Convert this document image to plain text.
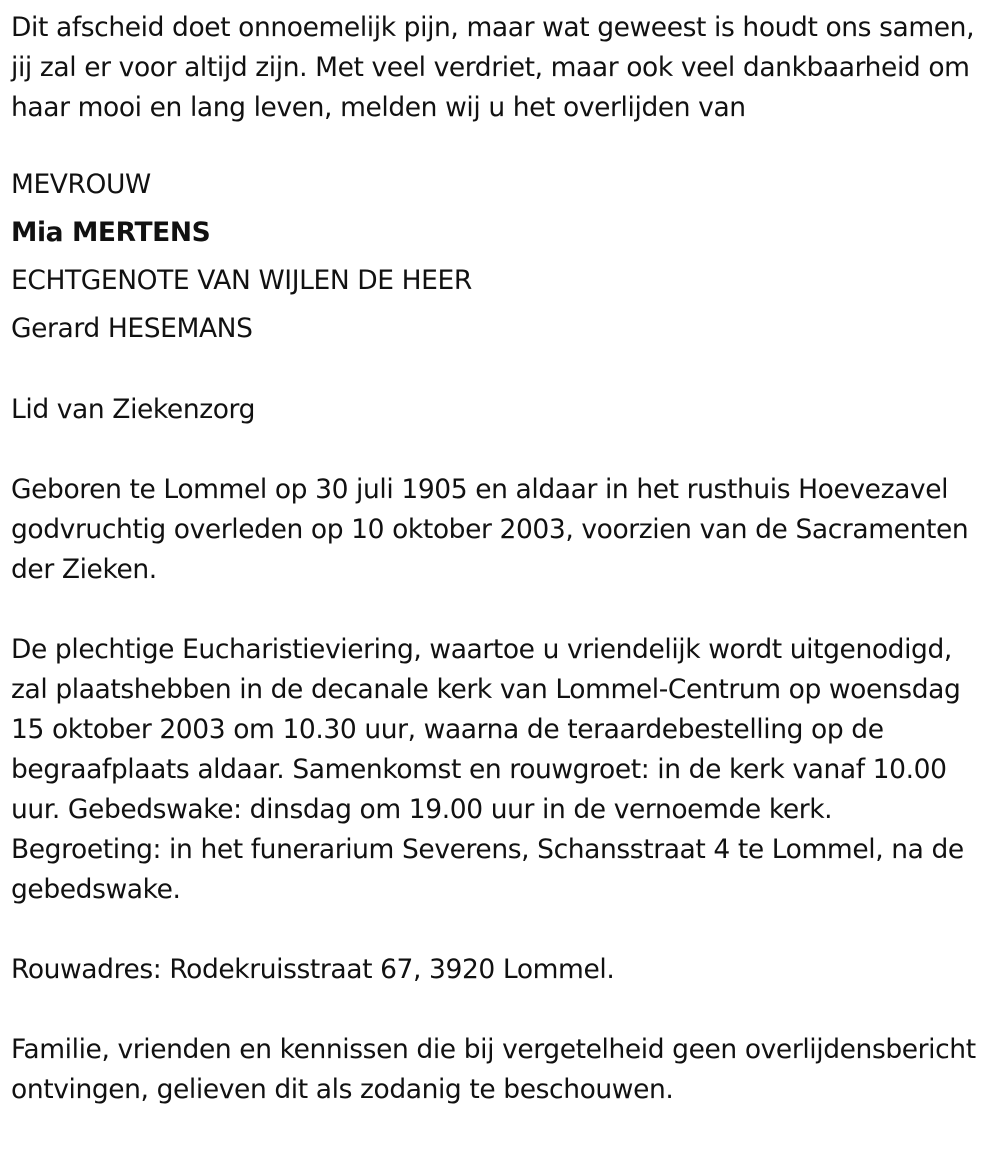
Dit afscheid doet onnoemelijk pijn, maar wat geweest is houdt ons samen, jij zal er voor altijd zijn. Met veel verdriet, maar ook veel dankbaarheid om haar mooi en lang leven, melden wij u het overlijden van

MEVROUW

Mia MERTENS

ECHTGENOTE VAN WIJLEN DE HEER

Gerard HESEMANS

Lid van Ziekenzorg

Geboren te Lommel op 30 juli 1905 en aldaar in het rusthuis Hoevezavel godvruchtig overleden op 10 oktober 2003, voorzien van de Sacramenten der Zieken.

De plechtige Eucharistieviering, waartoe u vriendelijk wordt uitgenodigd, zal plaatshebben in de decanale kerk van Lommel-Centrum op woensdag 15 oktober 2003 om 10.30 uur, waarna de teraardebestelling op de begraafplaats aldaar. Samenkomst en rouwgroet: in de kerk vanaf 10.00 uur. Gebedswake: dinsdag om 19.00 uur in de vernoemde kerk. Begroeting: in het funerarium Severens, Schansstraat 4 te Lommel, na de gebedswake.

Rouwadres: Rodekruisstraat 67, 3920 Lommel.

Familie, vrienden en kennissen die bij vergetelheid geen overlijdensbericht ontvingen, gelieven dit als zodanig te beschouwen.
